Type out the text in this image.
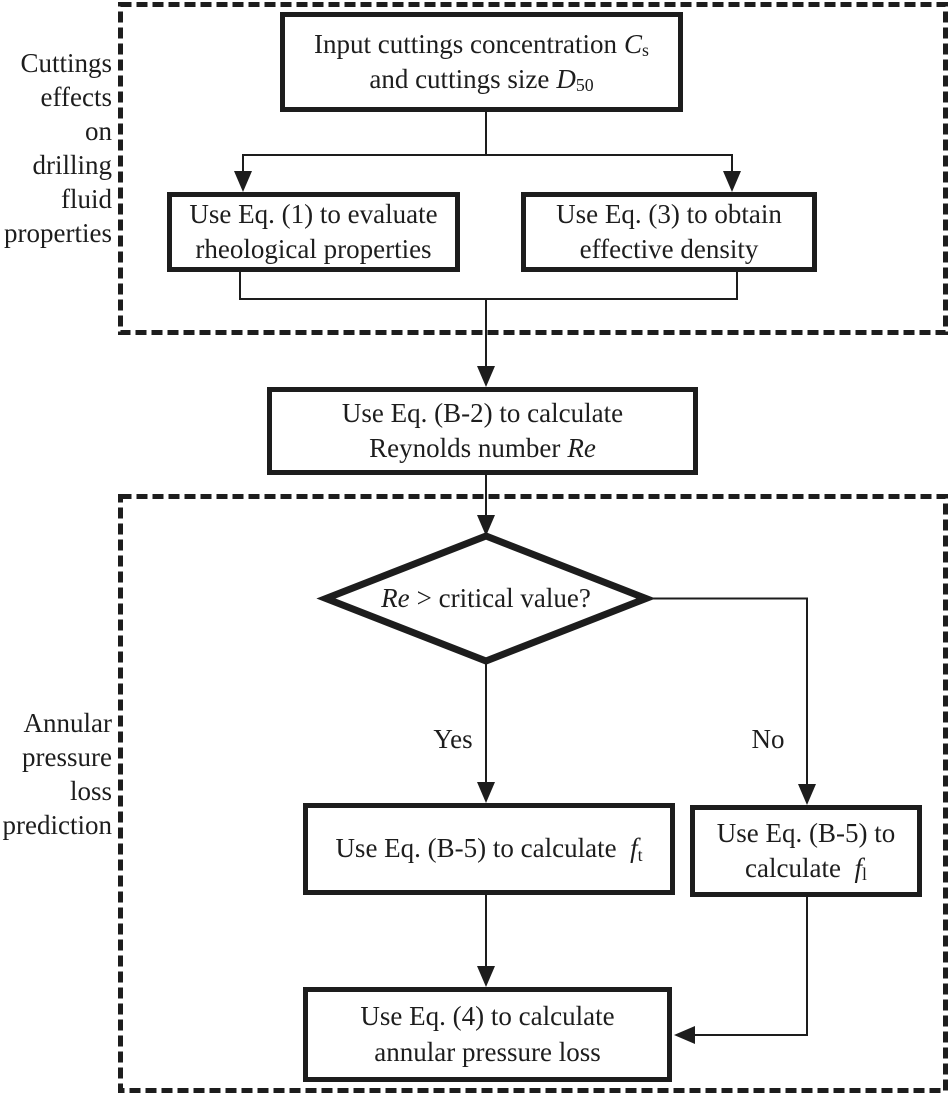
Cuttings
effects
on
drilling
fluid
properties
Annular
pressure
loss
prediction
Input cuttings concentration Cs
and cuttings size D50
Use Eq. (1) to evaluate
rheological properties
Use Eq. (3) to obtain
effective density
Use Eq. (B-2) to calculate
Reynolds number Re
Re > critical value?
Yes	No
Use Eq. (B-5) to calculate ft
Use Eq. (B-5) to
calculate fl
Use Eq. (4) to calculate
annular pressure loss
